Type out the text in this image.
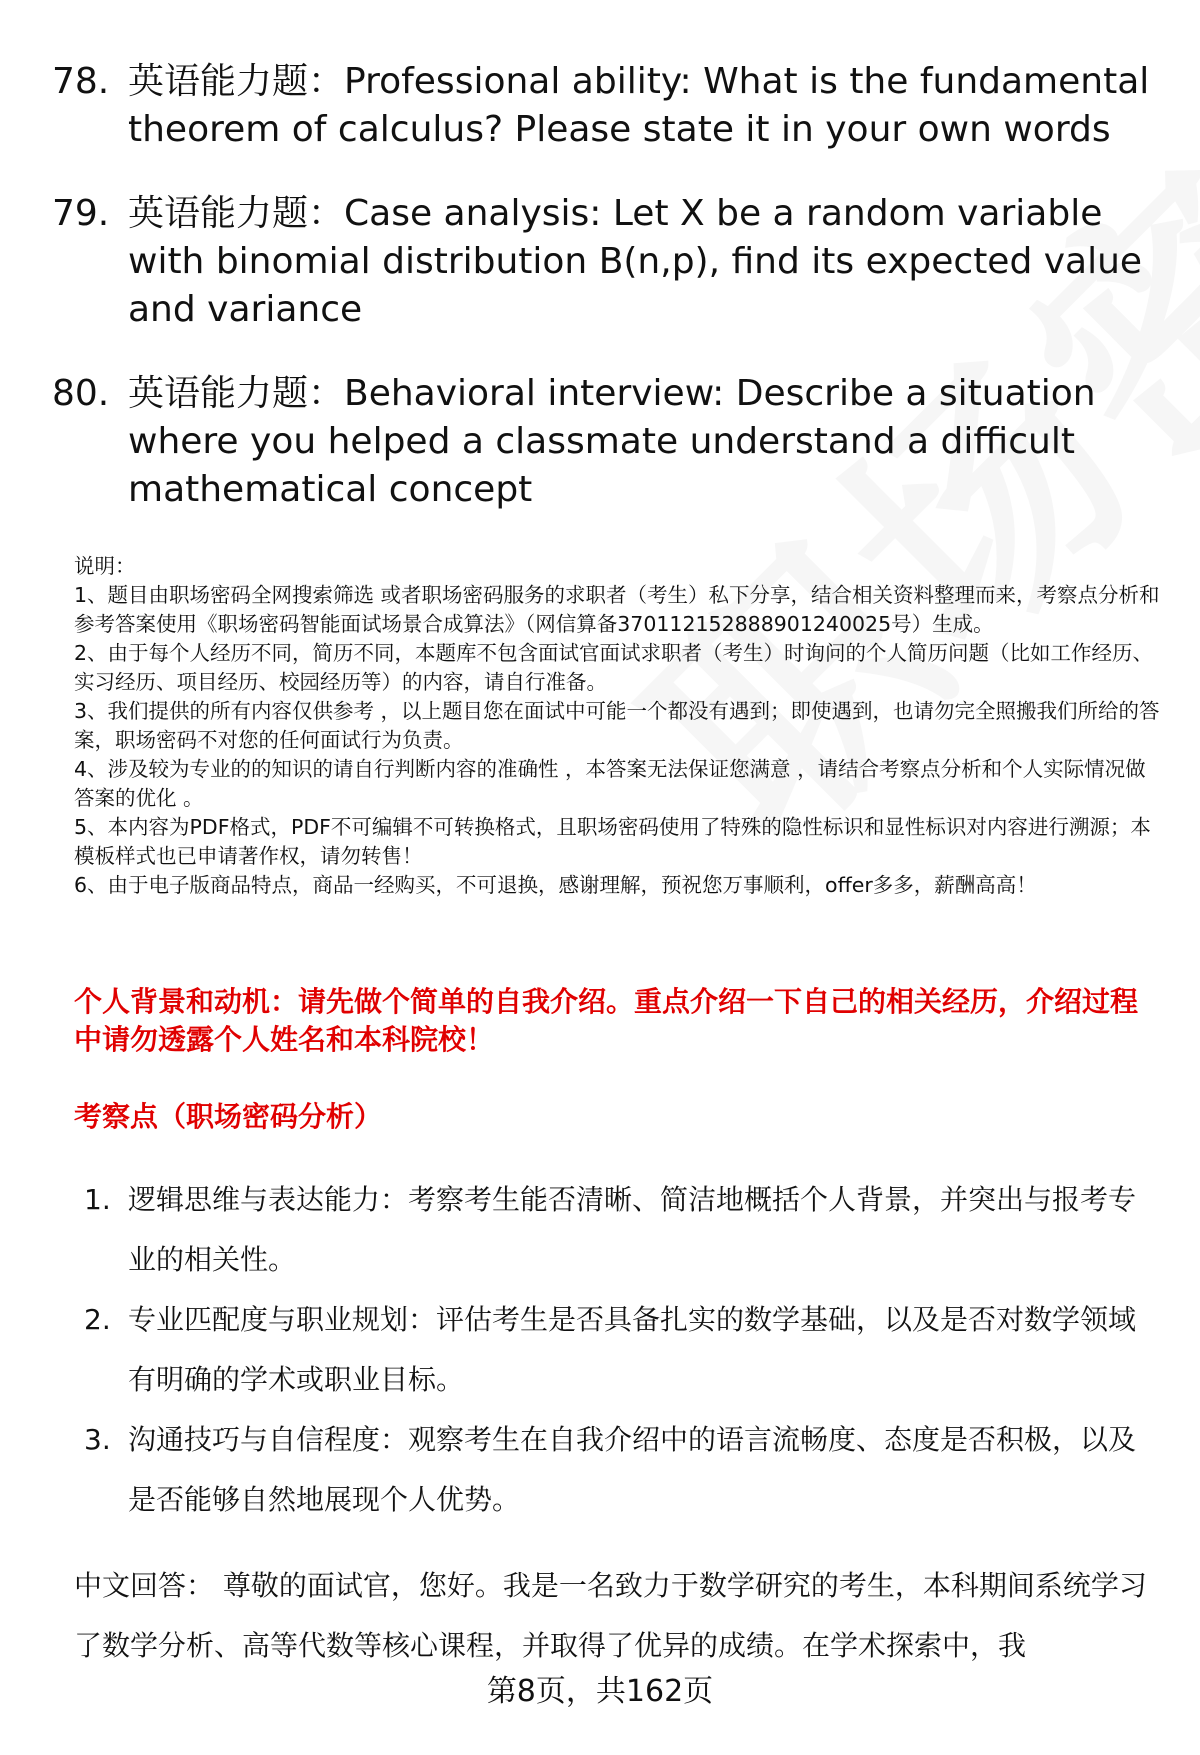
78. 英语能力题：Professional ability: What is the fundamental theorem of calculus? Please state it in your own words
79. 英语能力题：Case analysis: Let X be a random variable with binomial distribution B(n,p), find its expected value and variance
80. 英语能力题：Behavioral interview: Describe a situation where you helped a classmate understand a difficult mathematical concept

说明：

1、题目由职场密码全网搜索筛选 或者职场密码服务的求职者（考生）私下分享，结合相关资料整理而来，考察点分析和参考答案使用《职场密码智能面试场景合成算法》（网信算备370112152888901240025号）生成。

2、由于每个人经历不同，简历不同，本题库不包含面试官面试求职者（考生）时询问的个人简历问题（比如工作经历、实习经历、项目经历、校园经历等）的内容，请自行准备。

3、我们提供的所有内容仅供参考 ，以上题目您在面试中可能一个都没有遇到；即使遇到，也请勿完全照搬我们所给的答案，职场密码不对您的任何面试行为负责。

4、涉及较为专业的的知识的请自行判断内容的准确性 ，本答案无法保证您满意 ，请结合考察点分析和个人实际情况做答案的优化 。

5、本内容为PDF格式，PDF不可编辑不可转换格式，且职场密码使用了特殊的隐性标识和显性标识对内容进行溯源；本模板样式也已申请著作权，请勿转售！

6、由于电子版商品特点，商品一经购买，不可退换，感谢理解，预祝您万事顺利，offer多多，薪酬高高！

个人背景和动机：请先做个简单的自我介绍。重点介绍一下自己的相关经历，介绍过程中请勿透露个人姓名和本科院校！
考察点（职场密码分析）
1. 逻辑思维与表达能力：考察考生能否清晰、简洁地概括个人背景，并突出与报考专业的相关性。
2. 专业匹配度与职业规划：评估考生是否具备扎实的数学基础，以及是否对数学领域有明确的学术或职业目标。
3. 沟通技巧与自信程度：观察考生在自我介绍中的语言流畅度、态度是否积极，以及是否能够自然地展现个人优势。
中文回答： 尊敬的面试官，您好。我是一名致力于数学研究的考生，本科期间系统学习了数学分析、高等代数等核心课程，并取得了优异的成绩。在学术探索中，我
第8页，共162页
